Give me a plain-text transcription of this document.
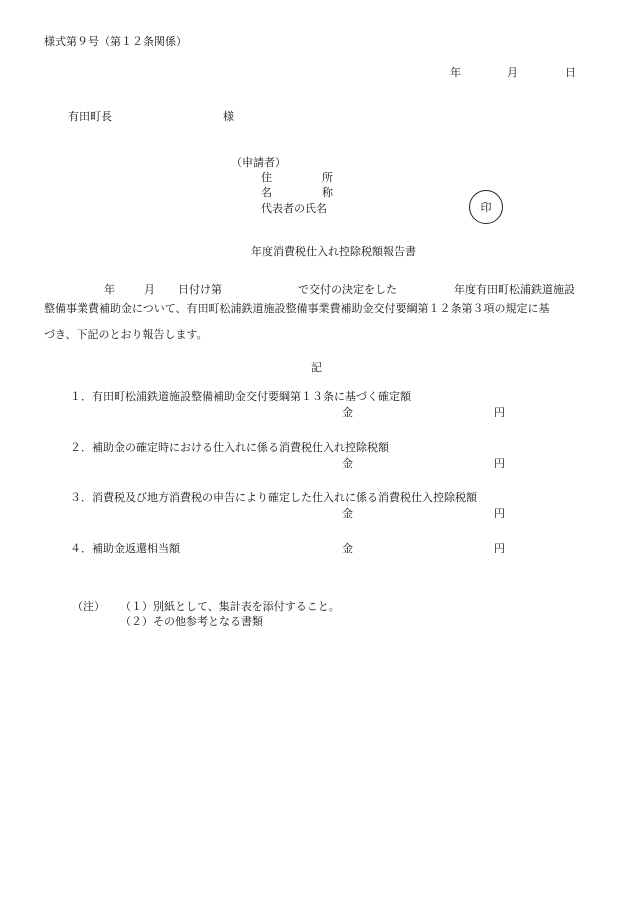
様式第９号（第１２条関係）
年	月	日
有田町長	様
（申請者）
住	所
名	称
代表者の氏名	印
年度消費税仕入れ控除税額報告書
年	月 日付け第	で交付の決定をした	年度有田町松浦鉄道施設
整備事業費補助金について、有田町松浦鉄道施設整備事業費補助金交付要綱第１２条第３項の規定に基
づき、下記のとおり報告します。
記
１．有田町松浦鉄道施設整備補助金交付要綱第１３条に基づく確定額
金	円
２．補助金の確定時における仕入れに係る消費税仕入れ控除税額
金	円
３．消費税及び地方消費税の申告により確定した仕入れに係る消費税仕入控除税額
金	円
４．補助金返還相当額	金	円
（注） （１）別紙として、集計表を添付すること。
（２）その他参考となる書類
